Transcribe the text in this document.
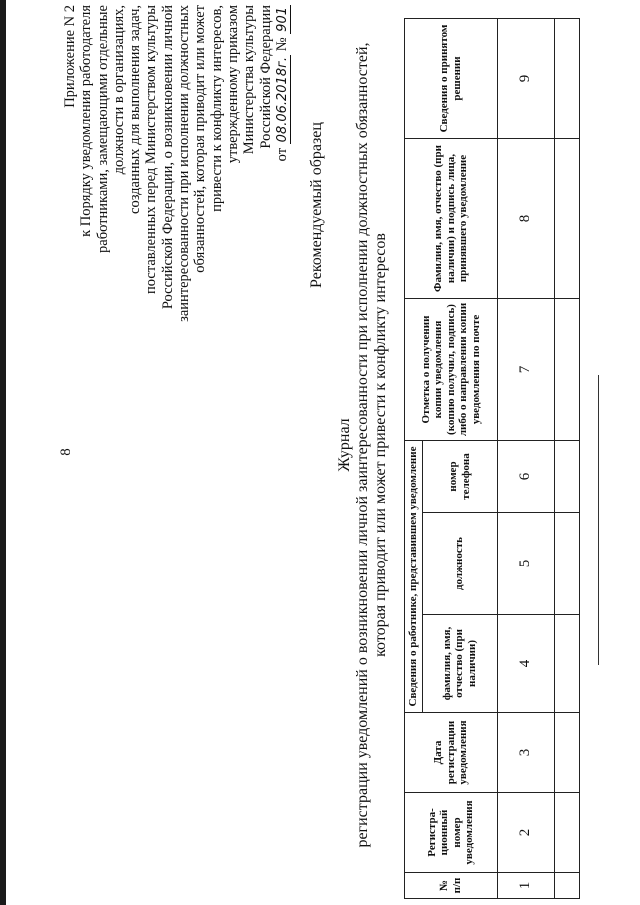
8
Приложение N 2 к Порядку уведомления работодателя работниками, замещающими отдельные должности в организациях, созданных для выполнения задач, поставленных перед Министерством культуры Российской Федерации, о возникновении личной заинтересованности при исполнении должностных обязанностей, которая приводит или может привести к конфликту интересов, утвержденному приказом Министерства культуры Российской Федерации
от 08.06.2018г. № 901
Рекомендуемый образец
Журнал регистрации уведомлений о возникновении личной заинтересованности при исполнении должностных обязанностей, которая приводит или может привести к конфликту интересов
№ п/п	Регистра-ционный номер уведомления	Дата регистрации уведомления	Сведения о работнике, представившем уведомление			Отметка о получении копии уведомления (копию получил, подпись) либо о направлении копии уведомления по почте	Фамилия, имя, отчество (при наличии) и подпись лица, принявшего уведомление	Сведения о принятом решении
			фамилия, имя, отчество (при наличии)	должность	номер телефона			
1	2	3	4	5	6	7	8	9
